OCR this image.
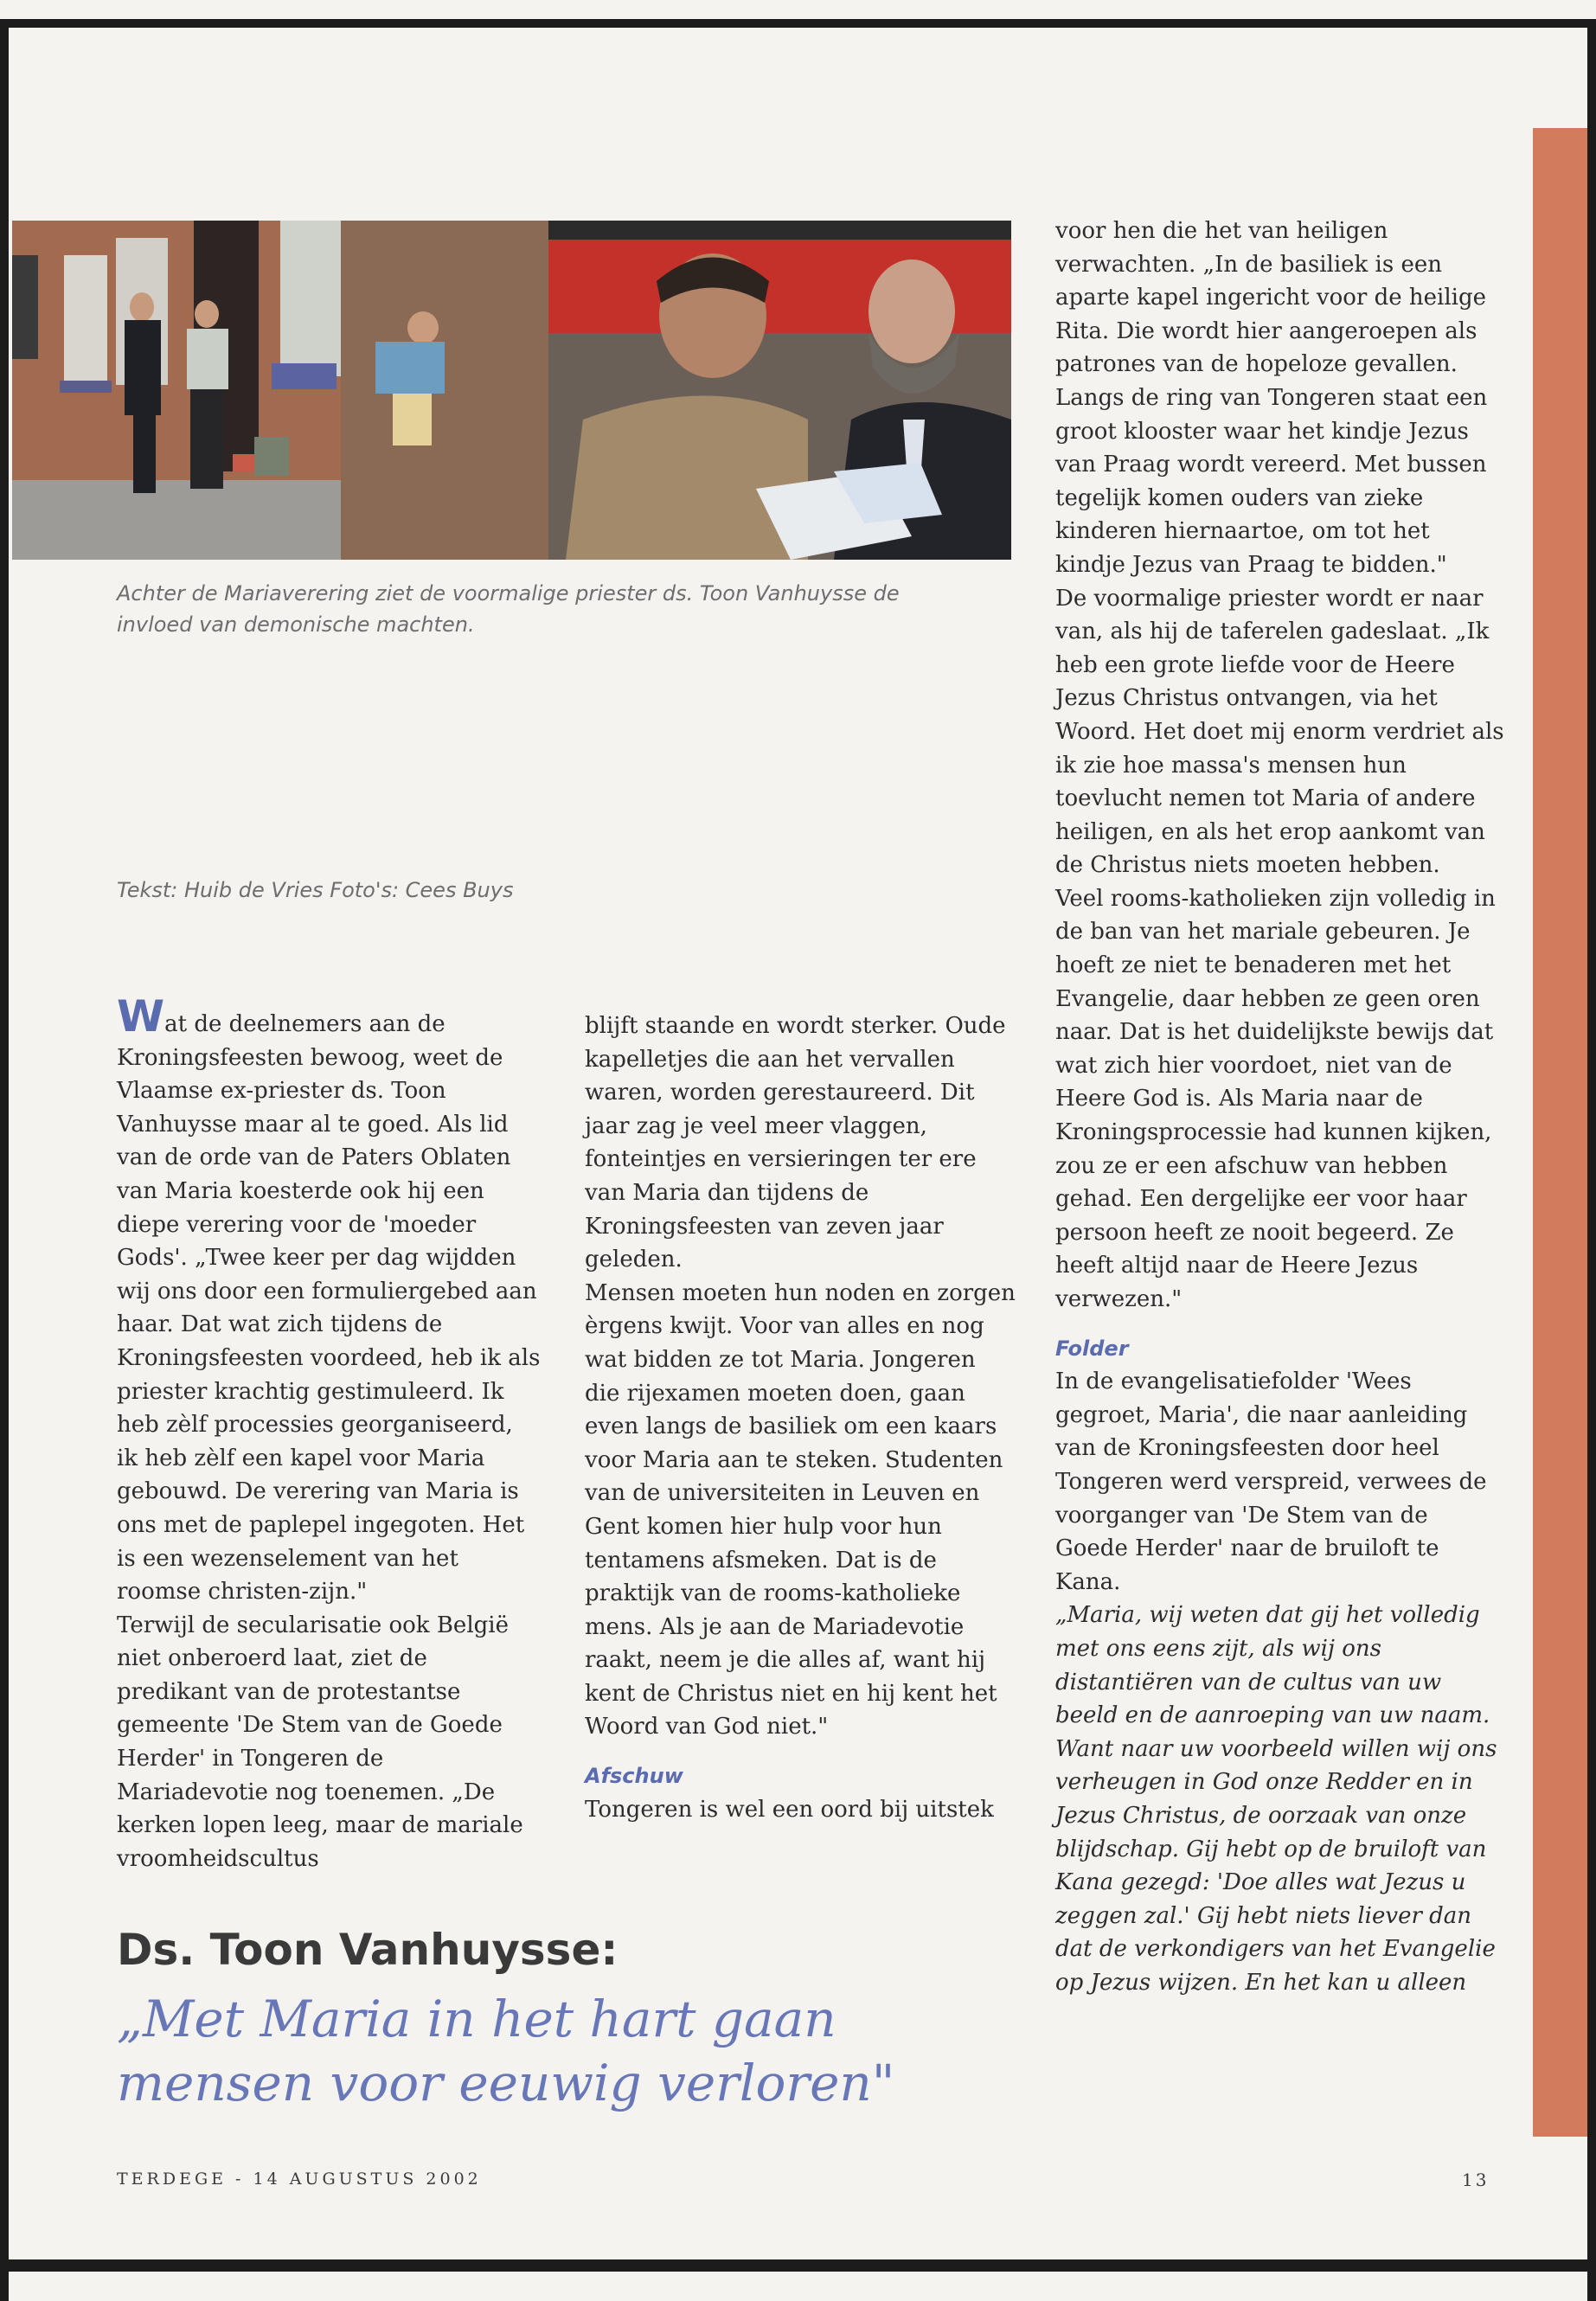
Achter de Mariaverering ziet de voormalige priester ds. Toon Vanhuysse de invloed van demonische machten.
Tekst: Huib de Vries Foto's: Cees Buys

Wat de deelnemers aan de Kroningsfeesten bewoog, weet de Vlaamse ex-priester ds. Toon Vanhuysse maar al te goed. Als lid van de orde van de Paters Oblaten van Maria koesterde ook hij een diepe verering voor de 'moeder Gods'. „Twee keer per dag wijdden wij ons door een formuliergebed aan haar. Dat wat zich tijdens de Kroningsfeesten voordeed, heb ik als priester krachtig gestimuleerd. Ik heb zèlf processies georganiseerd, ik heb zèlf een kapel voor Maria gebouwd. De verering van Maria is ons met de paplepel ingegoten. Het is een wezenselement van het roomse christen-zijn."

Terwijl de secularisatie ook België niet onberoerd laat, ziet de predikant van de protestantse gemeente 'De Stem van de Goede Herder' in Tongeren de Mariadevotie nog toenemen. „De kerken lopen leeg, maar de mariale vroomheidscultus

blijft staande en wordt sterker. Oude kapelletjes die aan het vervallen waren, worden gerestaureerd. Dit jaar zag je veel meer vlaggen, fonteintjes en versieringen ter ere van Maria dan tijdens de Kroningsfeesten van zeven jaar geleden.

Mensen moeten hun noden en zorgen èrgens kwijt. Voor van alles en nog wat bidden ze tot Maria. Jongeren die rijexamen moeten doen, gaan even langs de basiliek om een kaars voor Maria aan te steken. Studenten van de universiteiten in Leuven en Gent komen hier hulp voor hun tentamens afsmeken. Dat is de praktijk van de rooms-katholieke mens. Als je aan de Mariadevotie raakt, neem je die alles af, want hij kent de Christus niet en hij kent het Woord van God niet."

Afschuw

Tongeren is wel een oord bij uitstek

voor hen die het van heiligen verwachten. „In de basiliek is een aparte kapel ingericht voor de heilige Rita. Die wordt hier aangeroepen als patrones van de hopeloze gevallen. Langs de ring van Tongeren staat een groot klooster waar het kindje Jezus van Praag wordt vereerd. Met bussen tegelijk komen ouders van zieke kinderen hiernaartoe, om tot het kindje Jezus van Praag te bidden."

De voormalige priester wordt er naar van, als hij de taferelen gadeslaat. „Ik heb een grote liefde voor de Heere Jezus Christus ontvangen, via het Woord. Het doet mij enorm verdriet als ik zie hoe massa's mensen hun toevlucht nemen tot Maria of andere heiligen, en als het erop aankomt van de Christus niets moeten hebben.

Veel rooms-katholieken zijn volledig in de ban van het mariale gebeuren. Je hoeft ze niet te benaderen met het Evangelie, daar hebben ze geen oren naar. Dat is het duidelijkste bewijs dat wat zich hier voordoet, niet van de Heere God is. Als Maria naar de Kroningsprocessie had kunnen kijken, zou ze er een afschuw van hebben gehad. Een dergelijke eer voor haar persoon heeft ze nooit begeerd. Ze heeft altijd naar de Heere Jezus verwezen."

Folder

In de evangelisatiefolder 'Wees gegroet, Maria', die naar aanleiding van de Kroningsfeesten door heel Tongeren werd verspreid, verwees de voorganger van 'De Stem van de Goede Herder' naar de bruiloft te Kana.

„Maria, wij weten dat gij het volledig met ons eens zijt, als wij ons distantiëren van de cultus van uw beeld en de aanroeping van uw naam. Want naar uw voorbeeld willen wij ons verheugen in God onze Redder en in Jezus Christus, de oorzaak van onze blijdschap. Gij hebt op de bruiloft van Kana gezegd: 'Doe alles wat Jezus u zeggen zal.' Gij hebt niets liever dan dat de verkondigers van het Evangelie op Jezus wijzen. En het kan u alleen

Ds. Toon Vanhuysse:
„Met Maria in het hart gaan mensen voor eeuwig verloren"
TERDEGE - 14 AUGUSTUS 2002	13
